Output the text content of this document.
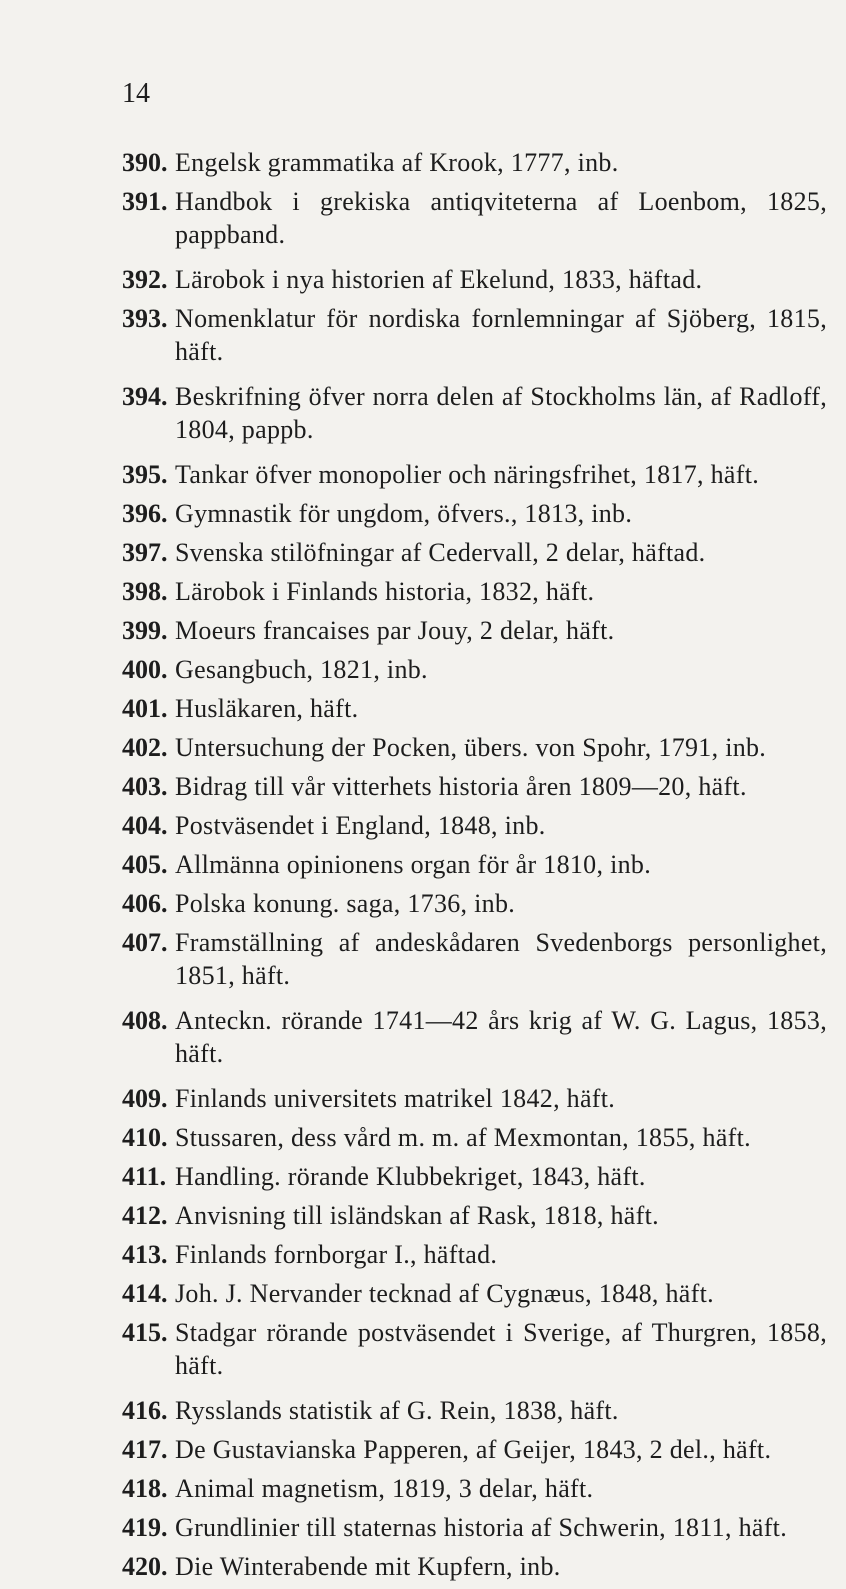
14
390. Engelsk grammatika af Krook, 1777, inb.
391. Handbok i grekiska antiqviteterna af Loenbom, 1825, pappband.
392. Lärobok i nya historien af Ekelund, 1833, häftad.
393. Nomenklatur för nordiska fornlemningar af Sjöberg, 1815, häft.
394. Beskrifning öfver norra delen af Stockholms län, af Radloff, 1804, pappb.
395. Tankar öfver monopolier och näringsfrihet, 1817, häft.
396. Gymnastik för ungdom, öfvers., 1813, inb.
397. Svenska stilöfningar af Cedervall, 2 delar, häftad.
398. Lärobok i Finlands historia, 1832, häft.
399. Moeurs francaises par Jouy, 2 delar, häft.
400. Gesangbuch, 1821, inb.
401. Husläkaren, häft.
402. Untersuchung der Pocken, übers. von Spohr, 1791, inb.
403. Bidrag till vår vitterhets historia åren 1809—20, häft.
404. Postväsendet i England, 1848, inb.
405. Allmänna opinionens organ för år 1810, inb.
406. Polska konung. saga, 1736, inb.
407. Framställning af andeskådaren Svedenborgs personlighet, 1851, häft.
408. Anteckn. rörande 1741—42 års krig af W. G. Lagus, 1853, häft.
409. Finlands universitets matrikel 1842, häft.
410. Stussaren, dess vård m. m. af Mexmontan, 1855, häft.
411. Handling. rörande Klubbekriget, 1843, häft.
412. Anvisning till isländskan af Rask, 1818, häft.
413. Finlands fornborgar I., häftad.
414. Joh. J. Nervander tecknad af Cygnæus, 1848, häft.
415. Stadgar rörande postväsendet i Sverige, af Thurgren, 1858, häft.
416. Rysslands statistik af G. Rein, 1838, häft.
417. De Gustavianska Papperen, af Geijer, 1843, 2 del., häft.
418. Animal magnetism, 1819, 3 delar, häft.
419. Grundlinier till staternas historia af Schwerin, 1811, häft.
420. Die Winterabende mit Kupfern, inb.
